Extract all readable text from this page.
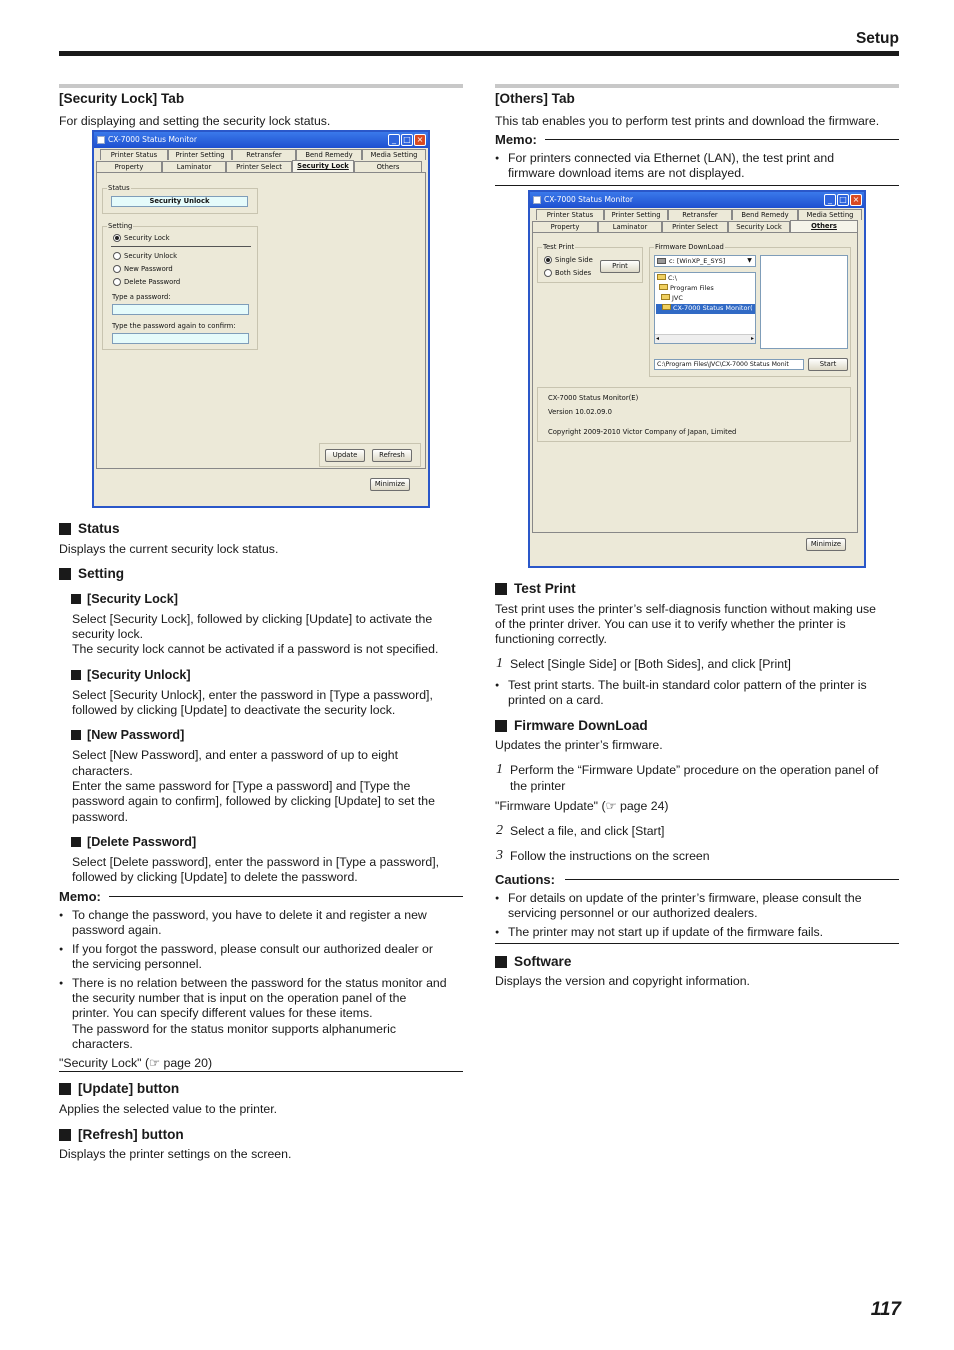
Setup
[Security Lock] Tab
For displaying and setting the security lock status.
CX-7000 Status Monitor	_ □ ×
Printer Status	Printer Setting	Retransfer	Bend Remedy	Media Setting
Property	Laminator	Printer Select	Security Lock	Others
Status
Security Unlock
Setting
Security Lock
Security Unlock
New Password
Delete Password
Type a password:
Type the password again to confirm:
Update	Refresh
Minimize
Status
Displays the current security lock status.
Setting
[Security Lock]
Select [Security Lock], followed by clicking [Update] to activate the
security lock.
The security lock cannot be activated if a password is not specified.
[Security Unlock]
Select [Security Unlock], enter the password in [Type a password],
followed by clicking [Update] to deactivate the security lock.
[New Password]
Select [New Password], and enter a password of up to eight
characters.
Enter the same password for [Type a password] and [Type the
password again to confirm], followed by clicking [Update] to set the
password.
[Delete Password]
Select [Delete password], enter the password in [Type a password],
followed by clicking [Update] to delete the password.
Memo:
● To change the password, you have to delete it and register a new
password again.
● If you forgot the password, please consult our authorized dealer or
the servicing personnel.
● There is no relation between the password for the status monitor and
the security number that is input on the operation panel of the
printer. You can specify different values for these items.
The password for the status monitor supports alphanumeric
characters.
"Security Lock" (☞ page 20)
[Update] button
Applies the selected value to the printer.
[Refresh] button
Displays the printer settings on the screen.
[Others] Tab
This tab enables you to perform test prints and download the firmware.
Memo:
● For printers connected via Ethernet (LAN), the test print and
firmware download items are not displayed.
CX-7000 Status Monitor	_ □ ×
Printer Status	Printer Setting	Retransfer	Bend Remedy	Media Setting
Property	Laminator	Printer Select	Security Lock	Others
Test Print
Single Side
Both Sides
Print
Firmware DownLoad
c: [WinXP_E_SYS]	▼
C:\
Program Files
JVC
CX-7000 Status Monitor(
◂	▸
C:\Program Files\JVC\CX-7000 Status Monit	Start
CX-7000 Status Monitor(E)
Version 10.02.09.0
Copyright 2009-2010 Victor Company of Japan, Limited
Minimize
Test Print
Test print uses the printer’s self-diagnosis function without making use
of the printer driver. You can use it to verify whether the printer is
functioning correctly.
1 Select [Single Side] or [Both Sides], and click [Print]
● Test print starts. The built-in standard color pattern of the printer is
printed on a card.
Firmware DownLoad
Updates the printer’s firmware.
1 Perform the “Firmware Update” procedure on the operation panel of
the printer
"Firmware Update" (☞ page 24)
2 Select a file, and click [Start]
3 Follow the instructions on the screen
Cautions:
● For details on update of the printer’s firmware, please consult the
servicing personnel or our authorized dealers.
● The printer may not start up if update of the firmware fails.
Software
Displays the version and copyright information.
117
